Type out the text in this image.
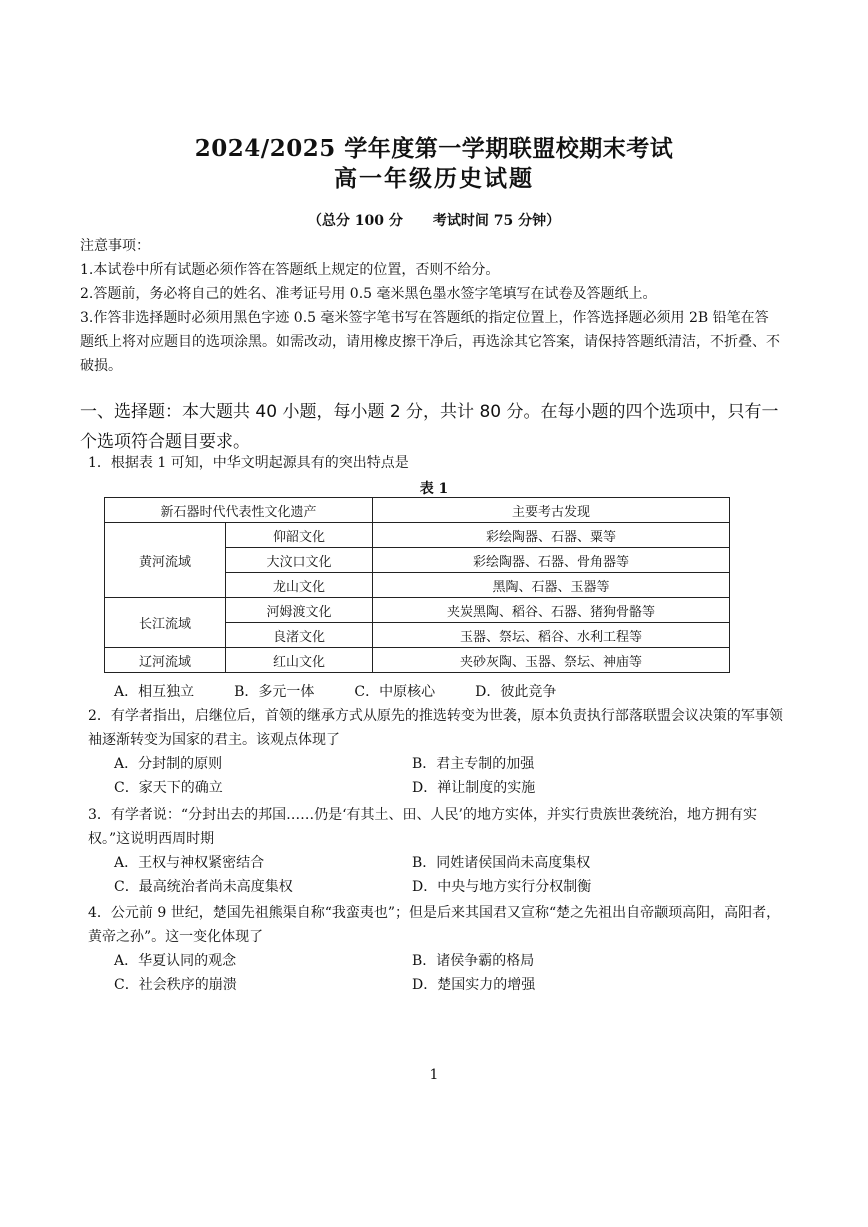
2024/2025 学年度第一学期联盟校期末考试
高一年级历史试题
（总分 100 分 考试时间 75 分钟）

注意事项：

1.本试卷中所有试题必须作答在答题纸上规定的位置，否则不给分。

2.答题前，务必将自己的姓名、准考证号用 0.5 毫米黑色墨水签字笔填写在试卷及答题纸上。

3.作答非选择题时必须用黑色字迹 0.5 毫米签字笔书写在答题纸的指定位置上，作答选择题必须用 2B 铅笔在答题纸上将对应题目的选项涂黑。如需改动，请用橡皮擦干净后，再选涂其它答案，请保持答题纸清洁，不折叠、不破损。

一、选择题：本大题共 40 小题，每小题 2 分，共计 80 分。在每小题的四个选项中，只有一个选项符合题目要求。
1．根据表 1 可知，中华文明起源具有的突出特点是
表 1
新石器时代代表性文化遗产		主要考古发现
黄河流域	仰韶文化	彩绘陶器、石器、粟等
	大汶口文化	彩绘陶器、石器、骨角器等
	龙山文化	黑陶、石器、玉器等
长江流域	河姆渡文化	夹炭黑陶、稻谷、石器、猪狗骨骼等
	良渚文化	玉器、祭坛、稻谷、水利工程等
辽河流域	红山文化	夹砂灰陶、玉器、祭坛、神庙等
A．相互独立	B．多元一体	C．中原核心	D．彼此竞争

2．有学者指出，启继位后，首领的继承方式从原先的推选转变为世袭，原本负责执行部落联盟会议决策的军事领袖逐渐转变为国家的君主。该观点体现了

A．分封制的原则	B．君主专制的加强
C．家天下的确立	D．禅让制度的实施

3．有学者说：“分封出去的邦国……仍是‘有其土、田、人民’的地方实体，并实行贵族世袭统治，地方拥有实权。”这说明西周时期

A．王权与神权紧密结合	B．同姓诸侯国尚未高度集权
C．最高统治者尚未高度集权	D．中央与地方实行分权制衡

4．公元前 9 世纪，楚国先祖熊渠自称“我蛮夷也”；但是后来其国君又宣称“楚之先祖出自帝颛顼高阳，高阳者，黄帝之孙”。这一变化体现了

A．华夏认同的观念	B．诸侯争霸的格局
C．社会秩序的崩溃	D．楚国实力的增强
1
